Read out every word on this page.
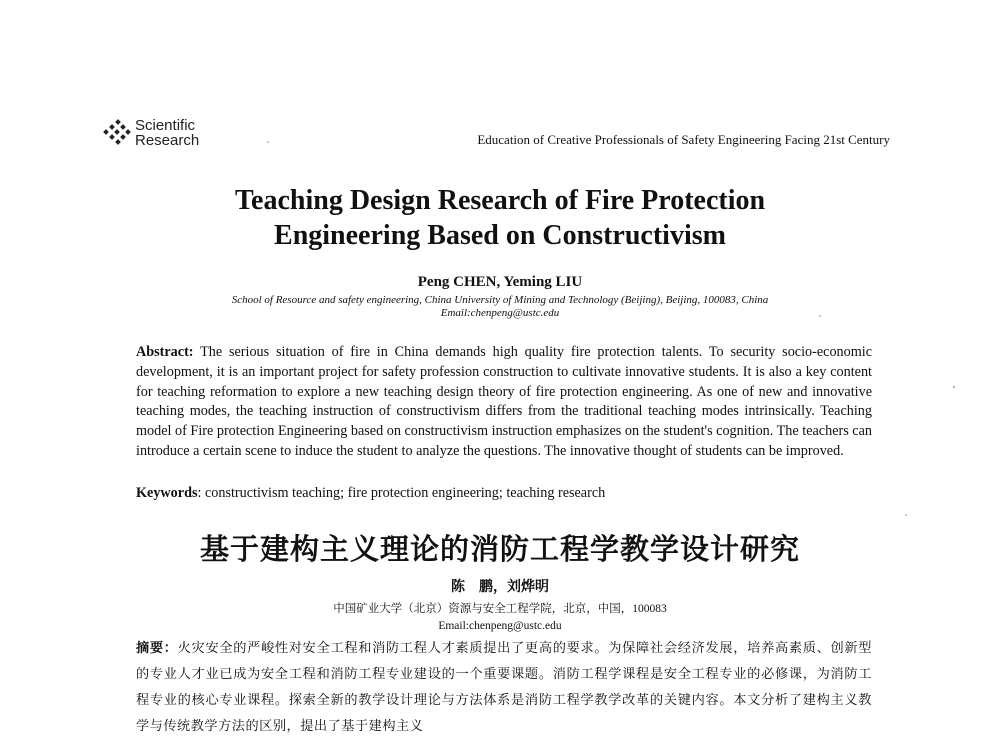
Scientific
Research	Education of Creative Professionals of Safety Engineering Facing 21st Century
Teaching Design Research of Fire Protection
Engineering Based on Constructivism
Peng CHEN, Yeming LIU
School of Resource and safety engineering, China University of Mining and Technology (Beijing), Beijing, 100083, China
Email:chenpeng@ustc.edu
Abstract: The serious situation of fire in China demands high quality fire protection talents. To security socio-economic development, it is an important project for safety profession construction to cultivate innovative students. It is also a key content for teaching reformation to explore a new teaching design theory of fire protection engineering. As one of new and innovative teaching modes, the teaching instruction of constructivism differs from the traditional teaching modes intrinsically. Teaching model of Fire protection Engineering based on constructivism instruction emphasizes on the student's cognition. The teachers can introduce a certain scene to induce the student to analyze the questions. The innovative thought of students can be improved.
Keywords: constructivism teaching; fire protection engineering; teaching research
基于建构主义理论的消防工程学教学设计研究
陈　鹏，刘烨明
中国矿业大学（北京）资源与安全工程学院，北京，中国，100083
Email:chenpeng@ustc.edu
摘要：火灾安全的严峻性对安全工程和消防工程人才素质提出了更高的要求。为保障社会经济发展，培养高素质、创新型的专业人才业已成为安全工程和消防工程专业建设的一个重要课题。消防工程学课程是安全工程专业的必修课，为消防工程专业的核心专业课程。探索全新的教学设计理论与方法体系是消防工程学教学改革的关键内容。本文分析了建构主义教学与传统教学方法的区别，提出了基于建构主义
